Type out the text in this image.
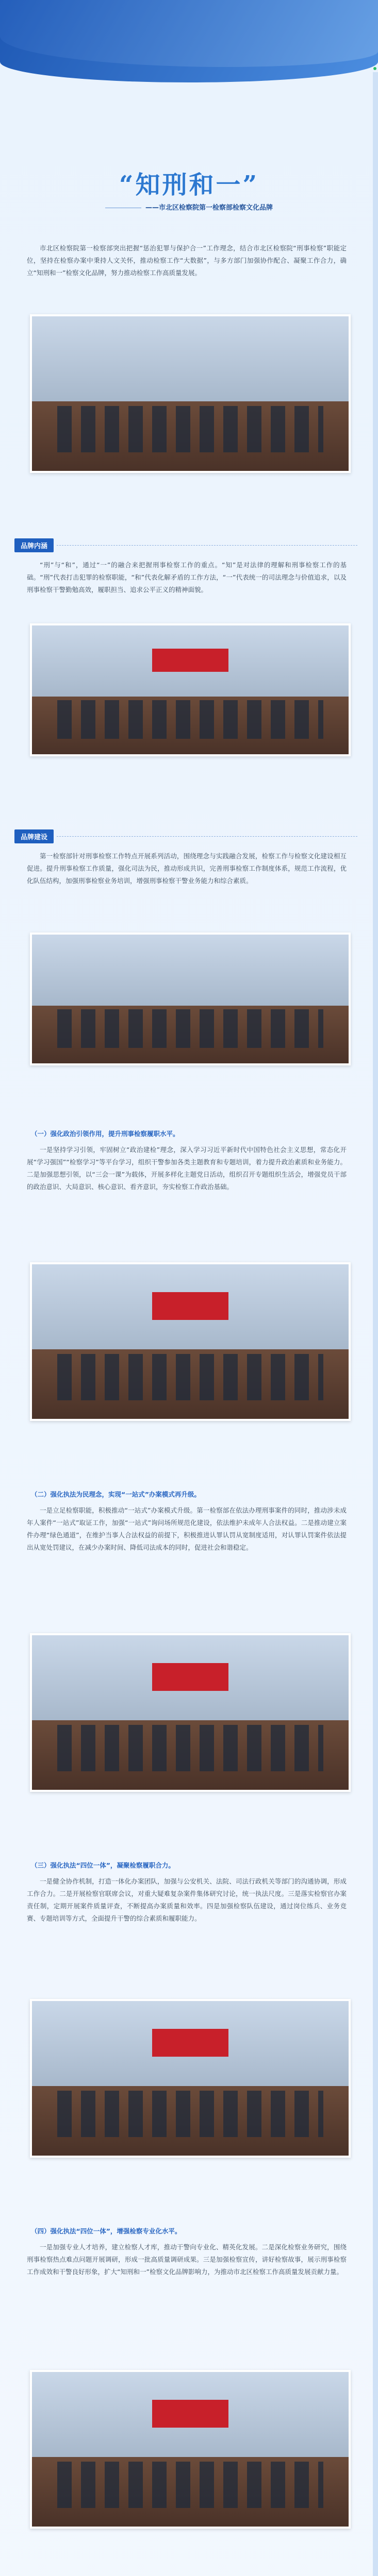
“知刑和一”
——市北区检察院第一检察部检察文化品牌
市北区检察院第一检察部突出把握“惩治犯罪与保护合一”工作理念，结合市北区检察院“刑事检察”职能定位，坚持在检察办案中秉持人文关怀，推动检察工作“大数据”，与多方部门加强协作配合、凝聚工作合力，确立“知刑和一”检察文化品牌，努力推动检察工作高质量发展。
品牌内涵
“刑”与“和”，通过“一”的融合来把握刑事检察工作的重点。“知”是对法律的理解和刑事检察工作的基础。“刑”代表打击犯罪的检察职能，“和”代表化解矛盾的工作方法，“一”代表统一的司法理念与价值追求，以及刑事检察干警勤勉高效，履职担当、追求公平正义的精神面貌。
品牌建设
第一检察部针对刑事检察工作特点开展系列活动，围绕理念与实践融合发展，检察工作与检察文化建设相互促进。提升刑事检察工作质量，强化司法为民，推动形成共识，完善刑事检察工作制度体系，规范工作流程，优化队伍结构，加强刑事检察业务培训，增强刑事检察干警业务能力和综合素质。
（一）强化政治引领作用，提升刑事检察履职水平。
一是坚持学习引领，牢固树立“政治建检”理念，深入学习习近平新时代中国特色社会主义思想，常态化开展“学习强国”“检察学习”等平台学习，组织干警参加各类主题教育和专题培训，着力提升政治素质和业务能力。二是加强思想引领，以“三会一课”为载体，开展多样化主题党日活动，组织召开专题组织生活会，增强党员干部的政治意识、大局意识、核心意识、看齐意识，夯实检察工作政治基础。
（二）强化执法为民理念，实现“一站式”办案模式再升级。
一是立足检察职能，积极推动“一站式”办案模式升级。第一检察部在依法办理刑事案件的同时，推动涉未成年人案件“一站式”取证工作，加强“一站式”询问场所规范化建设，依法维护未成年人合法权益。二是推动建立案件办理“绿色通道”，在维护当事人合法权益的前提下，积极推进认罪认罚从宽制度适用，对认罪认罚案件依法提出从宽处罚建议，在减少办案时间、降低司法成本的同时，促进社会和谐稳定。
（三）强化执法“四位一体”，凝聚检察履职合力。
一是健全协作机制，打造一体化办案团队，加强与公安机关、法院、司法行政机关等部门的沟通协调，形成工作合力。二是开展检察官联席会议，对重大疑难复杂案件集体研究讨论，统一执法尺度。三是落实检察官办案责任制，定期开展案件质量评查，不断提高办案质量和效率。四是加强检察队伍建设，通过岗位练兵、业务竞赛、专题培训等方式，全面提升干警的综合素质和履职能力。
（四）强化执法“四位一体”，增强检察专业化水平。
一是加强专业人才培养，建立检察人才库，推动干警向专业化、精英化发展。二是深化检察业务研究，围绕刑事检察热点难点问题开展调研，形成一批高质量调研成果。三是加强检察宣传，讲好检察故事，展示刑事检察工作成效和干警良好形象，扩大“知刑和一”检察文化品牌影响力，为推动市北区检察工作高质量发展贡献力量。
